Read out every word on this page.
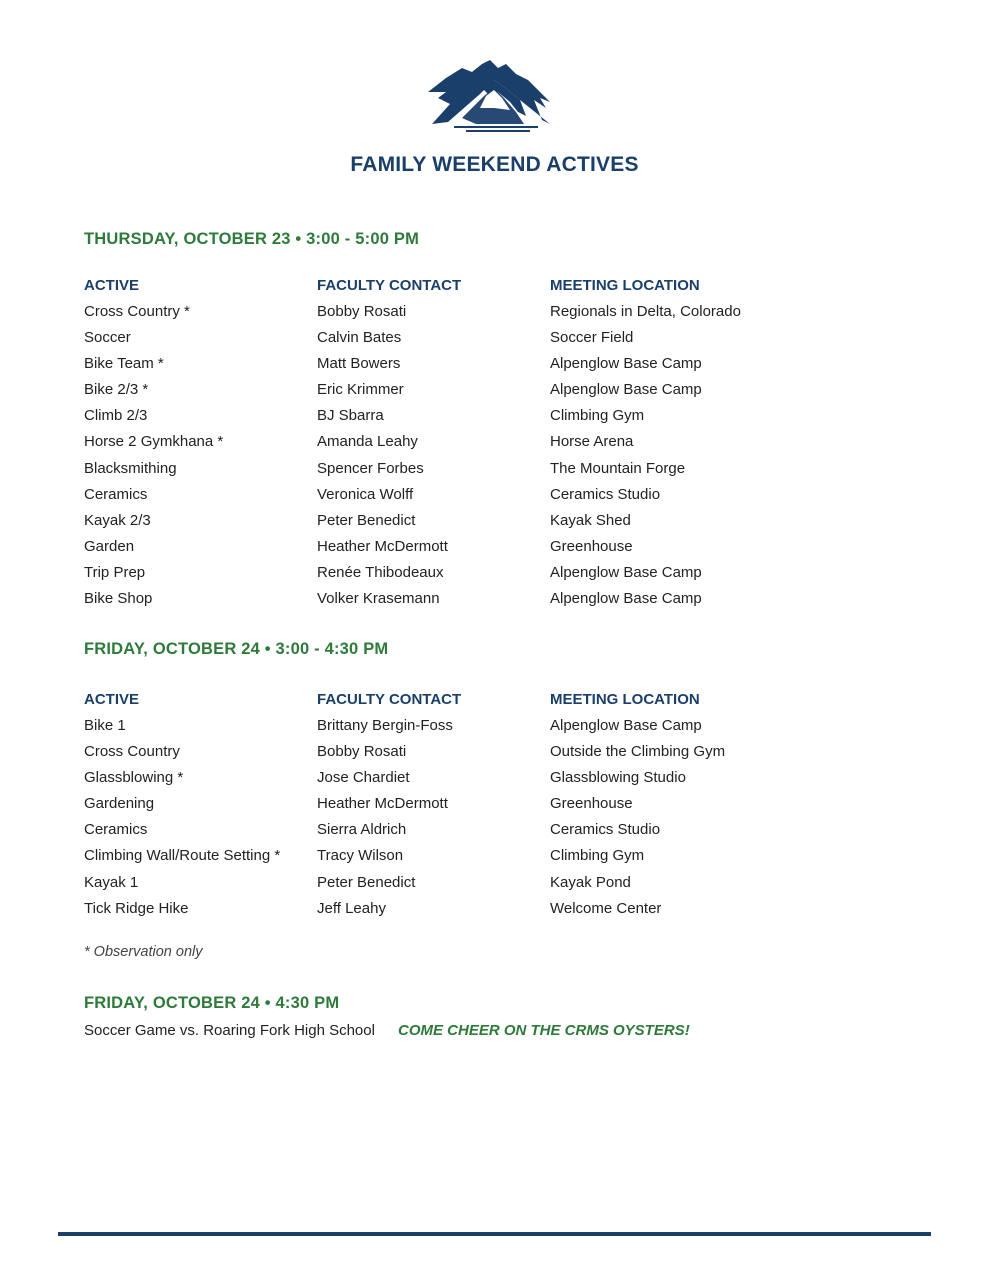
FAMILY WEEKEND ACTIVES
THURSDAY, OCTOBER 23 • 3:00 - 5:00 PM
ACTIVE	FACULTY CONTACT	MEETING LOCATION
Cross Country *	Bobby Rosati	Regionals in Delta, Colorado
Soccer	Calvin Bates	Soccer Field
Bike Team *	Matt Bowers	Alpenglow Base Camp
Bike 2/3 *	Eric Krimmer	Alpenglow Base Camp
Climb 2/3	BJ Sbarra	Climbing Gym
Horse 2 Gymkhana *	Amanda Leahy	Horse Arena
Blacksmithing	Spencer Forbes	The Mountain Forge
Ceramics	Veronica Wolff	Ceramics Studio
Kayak 2/3	Peter Benedict	Kayak Shed
Garden	Heather McDermott	Greenhouse
Trip Prep	Renée Thibodeaux	Alpenglow Base Camp
Bike Shop	Volker Krasemann	Alpenglow Base Camp
FRIDAY, OCTOBER 24 • 3:00 - 4:30 PM
ACTIVE	FACULTY CONTACT	MEETING LOCATION
Bike 1	Brittany Bergin-Foss	Alpenglow Base Camp
Cross Country	Bobby Rosati	Outside the Climbing Gym
Glassblowing *	Jose Chardiet	Glassblowing Studio
Gardening	Heather McDermott	Greenhouse
Ceramics	Sierra Aldrich	Ceramics Studio
Climbing Wall/Route Setting *	Tracy Wilson	Climbing Gym
Kayak 1	Peter Benedict	Kayak Pond
Tick Ridge Hike	Jeff Leahy	Welcome Center
* Observation only
FRIDAY, OCTOBER 24 • 4:30 PM
Soccer Game vs. Roaring Fork High School COME CHEER ON THE CRMS OYSTERS!
